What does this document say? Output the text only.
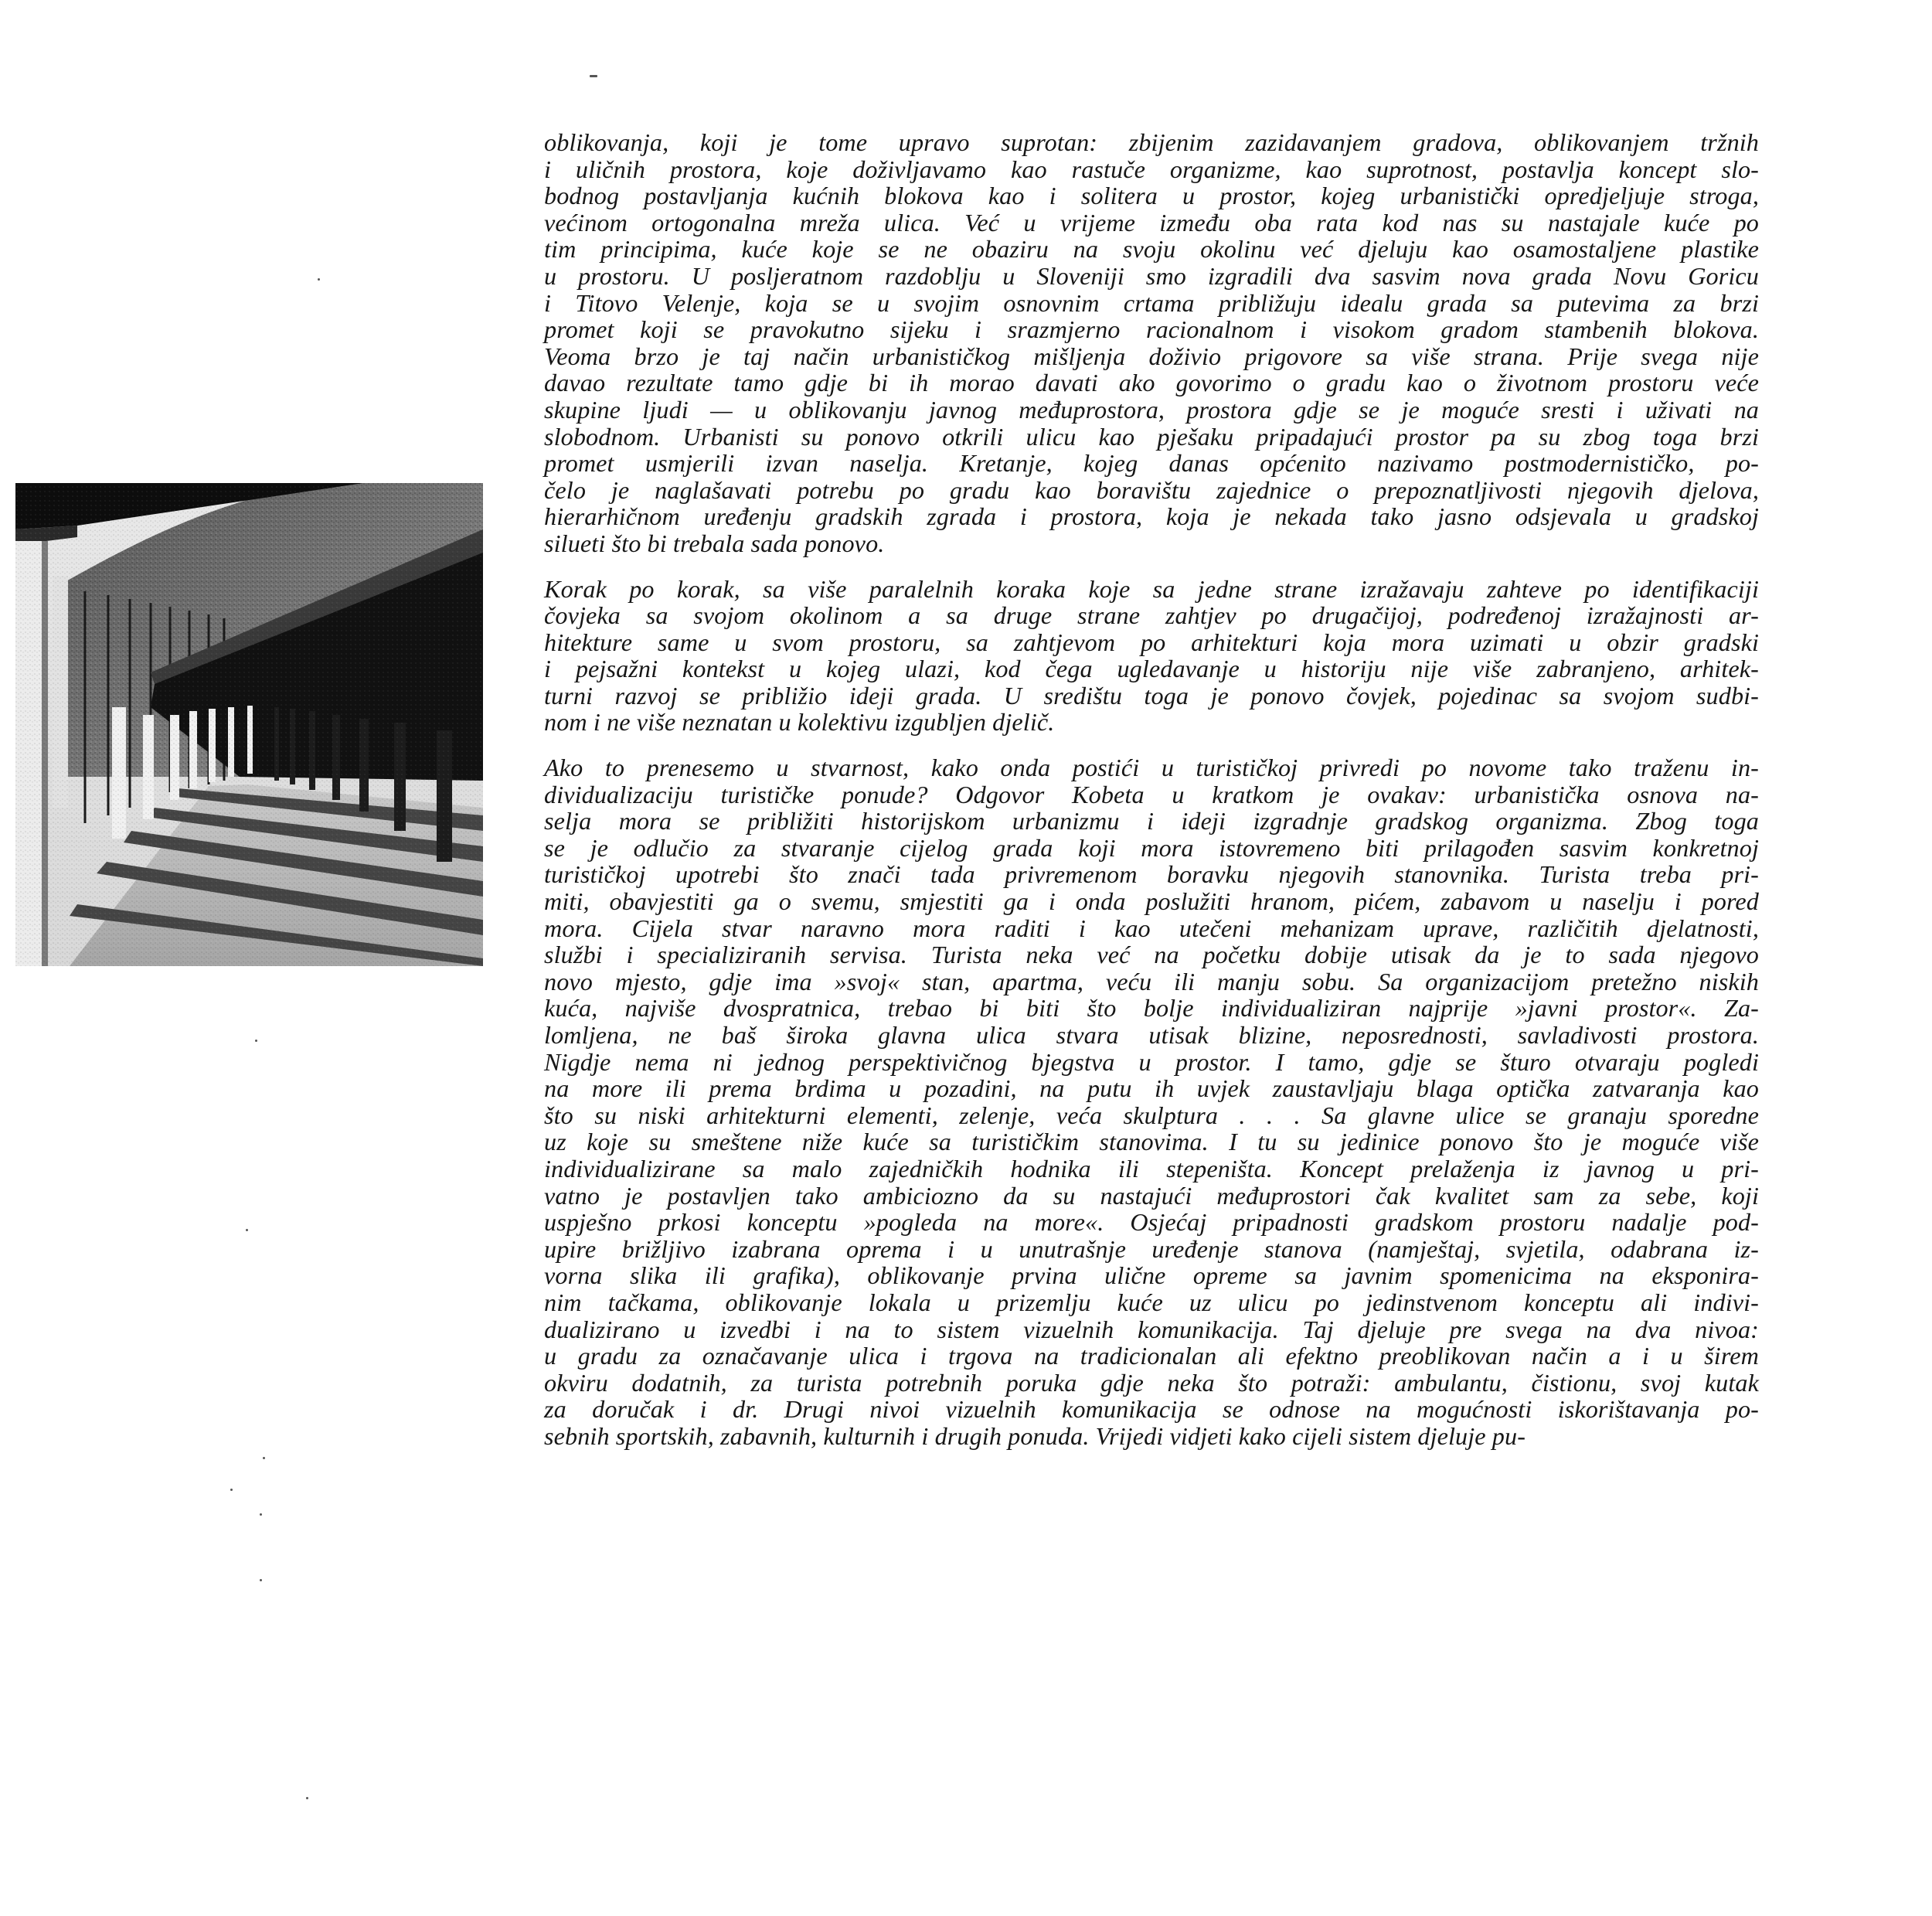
oblikovanja, koji je tome upravo suprotan: zbijenim zazidavanjem gradova, oblikovanjem tržnih
i uličnih prostora, koje doživljavamo kao rastuče organizme, kao suprotnost, postavlja koncept slo-
bodnog postavljanja kućnih blokova kao i solitera u prostor, kojeg urbanistički opredjeljuje stroga,
većinom ortogonalna mreža ulica. Već u vrijeme između oba rata kod nas su nastajale kuće po
tim principima, kuće koje se ne obaziru na svoju okolinu već djeluju kao osamostaljene plastike
u prostoru. U posljeratnom razdoblju u Sloveniji smo izgradili dva sasvim nova grada Novu Goricu
i Titovo Velenje, koja se u svojim osnovnim crtama približuju idealu grada sa putevima za brzi
promet koji se pravokutno sijeku i srazmjerno racionalnom i visokom gradom stambenih blokova.
Veoma brzo je taj način urbanističkog mišljenja doživio prigovore sa više strana. Prije svega nije
davao rezultate tamo gdje bi ih morao davati ako govorimo o gradu kao o životnom prostoru veće
skupine ljudi — u oblikovanju javnog međuprostora, prostora gdje se je moguće sresti i uživati na
slobodnom. Urbanisti su ponovo otkrili ulicu kao pješaku pripadajući prostor pa su zbog toga brzi
promet usmjerili izvan naselja. Kretanje, kojeg danas općenito nazivamo postmodernističko, po-
čelo je naglašavati potrebu po gradu kao boravištu zajednice o prepoznatljivosti njegovih djelova,
hierarhičnom uređenju gradskih zgrada i prostora, koja je nekada tako jasno odsjevala u gradskoj
silueti što bi trebala sada ponovo.
Korak po korak, sa više paralelnih koraka koje sa jedne strane izražavaju zahteve po identifikaciji
čovjeka sa svojom okolinom a sa druge strane zahtjev po drugačijoj, podređenoj izražajnosti ar-
hitekture same u svom prostoru, sa zahtjevom po arhitekturi koja mora uzimati u obzir gradski
i pejsažni kontekst u kojeg ulazi, kod čega ugledavanje u historiju nije više zabranjeno, arhitek-
turni razvoj se približio ideji grada. U središtu toga je ponovo čovjek, pojedinac sa svojom sudbi-
nom i ne više neznatan u kolektivu izgubljen djelič.
Ako to prenesemo u stvarnost, kako onda postići u turističkoj privredi po novome tako traženu in-
dividualizaciju turističke ponude? Odgovor Kobeta u kratkom je ovakav: urbanistička osnova na-
selja mora se približiti historijskom urbanizmu i ideji izgradnje gradskog organizma. Zbog toga
se je odlučio za stvaranje cijelog grada koji mora istovremeno biti prilagođen sasvim konkretnoj
turističkoj upotrebi što znači tada privremenom boravku njegovih stanovnika. Turista treba pri-
miti, obavjestiti ga o svemu, smjestiti ga i onda poslužiti hranom, pićem, zabavom u naselju i pored
mora. Cijela stvar naravno mora raditi i kao utečeni mehanizam uprave, različitih djelatnosti,
službi i specializiranih servisa. Turista neka već na početku dobije utisak da je to sada njegovo
novo mjesto, gdje ima »svoj« stan, apartma, veću ili manju sobu. Sa organizacijom pretežno niskih
kuća, najviše dvospratnica, trebao bi biti što bolje individualiziran najprije »javni prostor«. Za-
lomljena, ne baš široka glavna ulica stvara utisak blizine, neposrednosti, savladivosti prostora.
Nigdje nema ni jednog perspektivičnog bjegstva u prostor. I tamo, gdje se šturo otvaraju pogledi
na more ili prema brdima u pozadini, na putu ih uvjek zaustavljaju blaga optička zatvaranja kao
što su niski arhitekturni elementi, zelenje, veća skulptura . . . Sa glavne ulice se granaju sporedne
uz koje su smeštene niže kuće sa turističkim stanovima. I tu su jedinice ponovo što je moguće više
individualizirane sa malo zajedničkih hodnika ili stepeništa. Koncept prelaženja iz javnog u pri-
vatno je postavljen tako ambiciozno da su nastajući međuprostori čak kvalitet sam za sebe, koji
uspješno prkosi konceptu »pogleda na more«. Osjećaj pripadnosti gradskom prostoru nadalje pod-
upire brižljivo izabrana oprema i u unutrašnje uređenje stanova (namještaj, svjetila, odabrana iz-
vorna slika ili grafika), oblikovanje prvina ulične opreme sa javnim spomenicima na eksponira-
nim tačkama, oblikovanje lokala u prizemlju kuće uz ulicu po jedinstvenom konceptu ali indivi-
dualizirano u izvedbi i na to sistem vizuelnih komunikacija. Taj djeluje pre svega na dva nivoa:
u gradu za označavanje ulica i trgova na tradicionalan ali efektno preoblikovan način a i u širem
okviru dodatnih, za turista potrebnih poruka gdje neka što potraži: ambulantu, čistionu, svoj kutak
za doručak i dr. Drugi nivoi vizuelnih komunikacija se odnose na mogućnosti iskorištavanja po-
sebnih sportskih, zabavnih, kulturnih i drugih ponuda. Vrijedi vidjeti kako cijeli sistem djeluje pu-
